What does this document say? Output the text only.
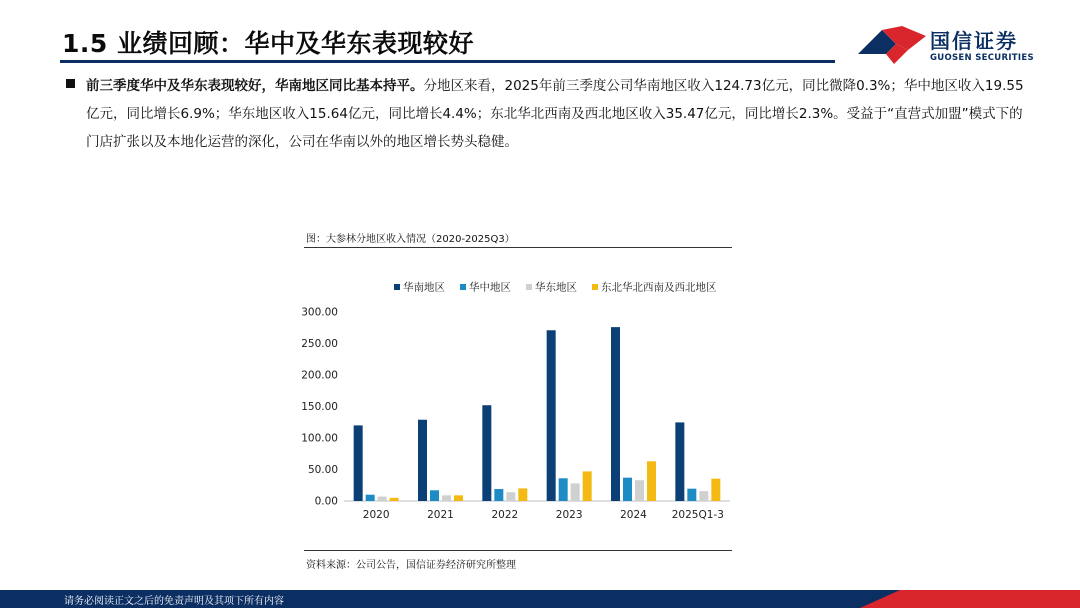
1.5 业绩回顾：华中及华东表现较好	国信证券
GUOSEN SECURITIES
前三季度华中及华东表现较好，华南地区同比基本持平。分地区来看，2025年前三季度公司华南地区收入124.73亿元，同比微降0.3%；华中地区收入19.55亿元，同比增长6.9%；华东地区收入15.64亿元，同比增长4.4%；东北华北西南及西北地区收入35.47亿元，同比增长2.3%。受益于“直营式加盟”模式下的门店扩张以及本地化运营的深化，公司在华南以外的地区增长势头稳健。
图：大参林分地区收入情况（2020-2025Q3）
华南地区 华中地区 华东地区 东北华北西南及西北地区
0.00
50.00
100.00
150.00
200.00
250.00
300.00
2020	2021	2022	2023	2024 2025Q1-3
资料来源：公司公告，国信证券经济研究所整理
请务必阅读正文之后的免责声明及其项下所有内容
